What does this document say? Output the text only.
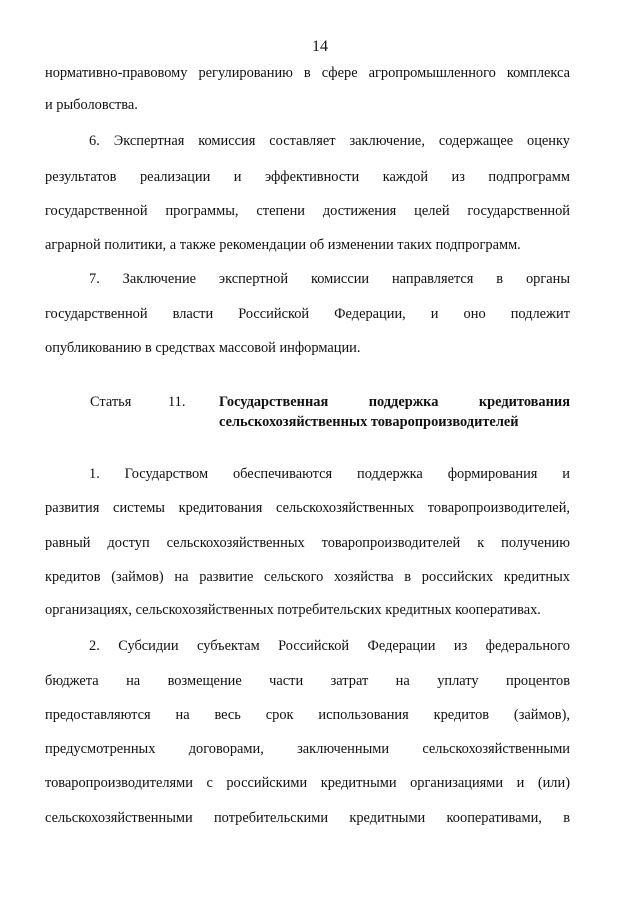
14
нормативно-правовому регулированию в сфере агропромышленного комплекса
и рыболовства.
6. Экспертная комиссия составляет заключение, содержащее оценку
результатов реализации и эффективности каждой из подпрограмм
государственной программы, степени достижения целей государственной
аграрной политики, а также рекомендации об изменении таких подпрограмм.
7. Заключение экспертной комиссии направляется в органы
государственной власти Российской Федерации, и оно подлежит
опубликованию в средствах массовой информации.
1. Государством обеспечиваются поддержка формирования и
развития системы кредитования сельскохозяйственных товаропроизводителей,
равный доступ сельскохозяйственных товаропроизводителей к получению
кредитов (займов) на развитие сельского хозяйства в российских кредитных
организациях, сельскохозяйственных потребительских кредитных кооперативах.
2. Субсидии субъектам Российской Федерации из федерального
бюджета на возмещение части затрат на уплату процентов
предоставляются на весь срок использования кредитов (займов),
предусмотренных договорами, заключенными сельскохозяйственными
товаропроизводителями с российскими кредитными организациями и (или)
сельскохозяйственными потребительскими кредитными кооперативами, в
Статья	11. Государственная поддержка кредитования
сельскохозяйственных товаропроизводителей
